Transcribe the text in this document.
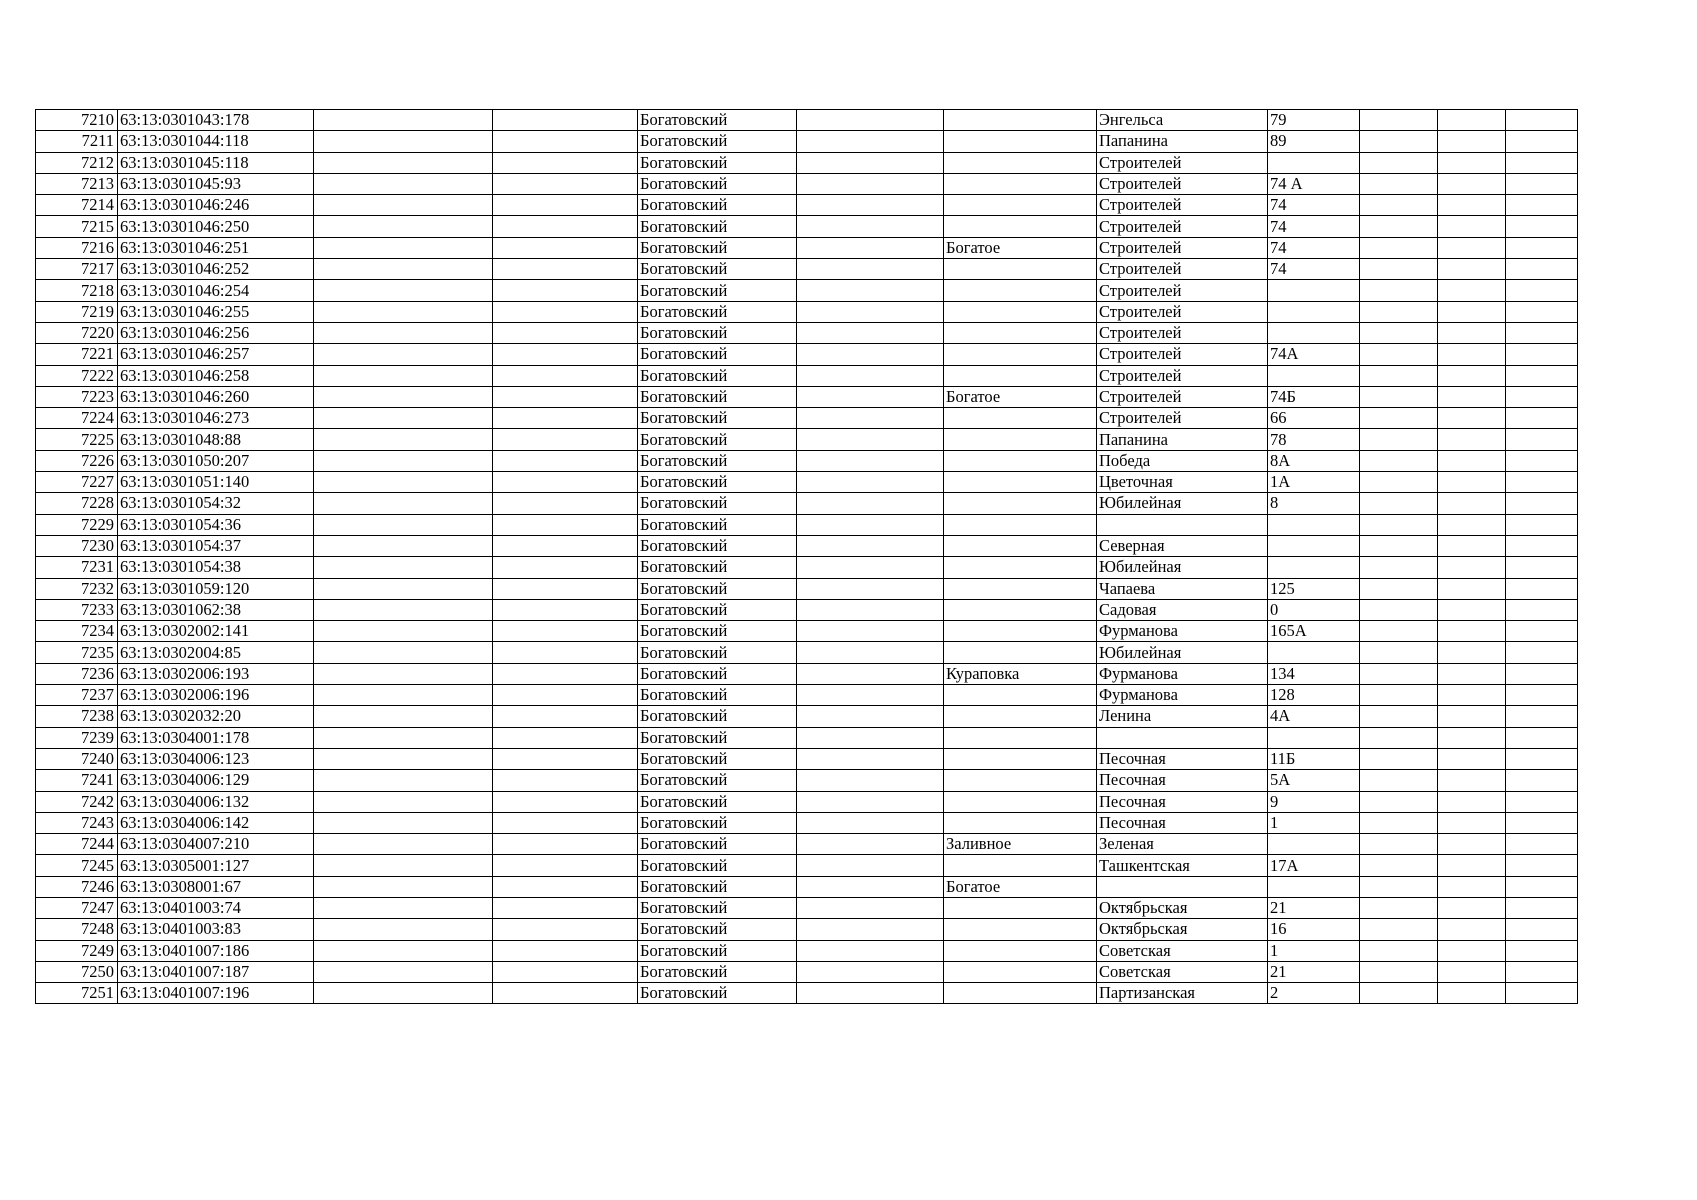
7210	63:13:0301043:178			Богатовский			Энгельса	79			
7211	63:13:0301044:118			Богатовский			Папанина	89			
7212	63:13:0301045:118			Богатовский			Строителей				
7213	63:13:0301045:93			Богатовский			Строителей	74 А			
7214	63:13:0301046:246			Богатовский			Строителей	74			
7215	63:13:0301046:250			Богатовский			Строителей	74			
7216	63:13:0301046:251			Богатовский		Богатое	Строителей	74			
7217	63:13:0301046:252			Богатовский			Строителей	74			
7218	63:13:0301046:254			Богатовский			Строителей				
7219	63:13:0301046:255			Богатовский			Строителей				
7220	63:13:0301046:256			Богатовский			Строителей				
7221	63:13:0301046:257			Богатовский			Строителей	74А			
7222	63:13:0301046:258			Богатовский			Строителей				
7223	63:13:0301046:260			Богатовский		Богатое	Строителей	74Б			
7224	63:13:0301046:273			Богатовский			Строителей	66			
7225	63:13:0301048:88			Богатовский			Папанина	78			
7226	63:13:0301050:207			Богатовский			Победа	8А			
7227	63:13:0301051:140			Богатовский			Цветочная	1А			
7228	63:13:0301054:32			Богатовский			Юбилейная	8			
7229	63:13:0301054:36			Богатовский							
7230	63:13:0301054:37			Богатовский			Северная				
7231	63:13:0301054:38			Богатовский			Юбилейная				
7232	63:13:0301059:120			Богатовский			Чапаева	125			
7233	63:13:0301062:38			Богатовский			Садовая	0			
7234	63:13:0302002:141			Богатовский			Фурманова	165А			
7235	63:13:0302004:85			Богатовский			Юбилейная				
7236	63:13:0302006:193			Богатовский		Кураповка	Фурманова	134			
7237	63:13:0302006:196			Богатовский			Фурманова	128			
7238	63:13:0302032:20			Богатовский			Ленина	4А			
7239	63:13:0304001:178			Богатовский							
7240	63:13:0304006:123			Богатовский			Песочная	11Б			
7241	63:13:0304006:129			Богатовский			Песочная	5А			
7242	63:13:0304006:132			Богатовский			Песочная	9			
7243	63:13:0304006:142			Богатовский			Песочная	1			
7244	63:13:0304007:210			Богатовский		Заливное	Зеленая				
7245	63:13:0305001:127			Богатовский			Ташкентская	17А			
7246	63:13:0308001:67			Богатовский		Богатое					
7247	63:13:0401003:74			Богатовский			Октябрьская	21			
7248	63:13:0401003:83			Богатовский			Октябрьская	16			
7249	63:13:0401007:186			Богатовский			Советская	1			
7250	63:13:0401007:187			Богатовский			Советская	21			
7251	63:13:0401007:196			Богатовский			Партизанская	2			
